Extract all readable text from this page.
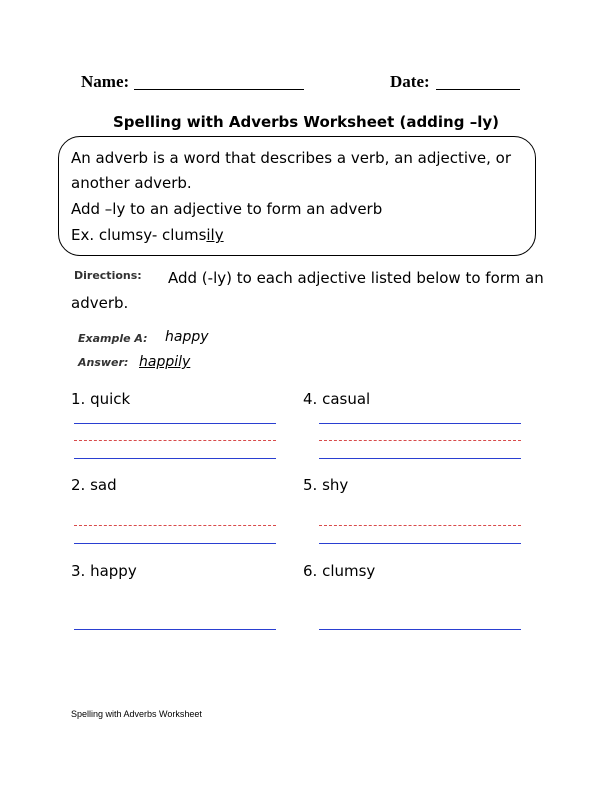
Name:	Date:
Spelling with Adverbs Worksheet (adding –ly)
An adverb is a word that describes a verb, an adjective, or
another adverb.
Add –ly to an adjective to form an adverb
Ex. clumsy- clumsily
Directions: Add (-ly) to each adjective listed below to form an
adverb.
Example A: happy
Answer: happily
1. quick	4. casual
2. sad	5. shy
3. happy	6. clumsy
Spelling with Adverbs Worksheet
